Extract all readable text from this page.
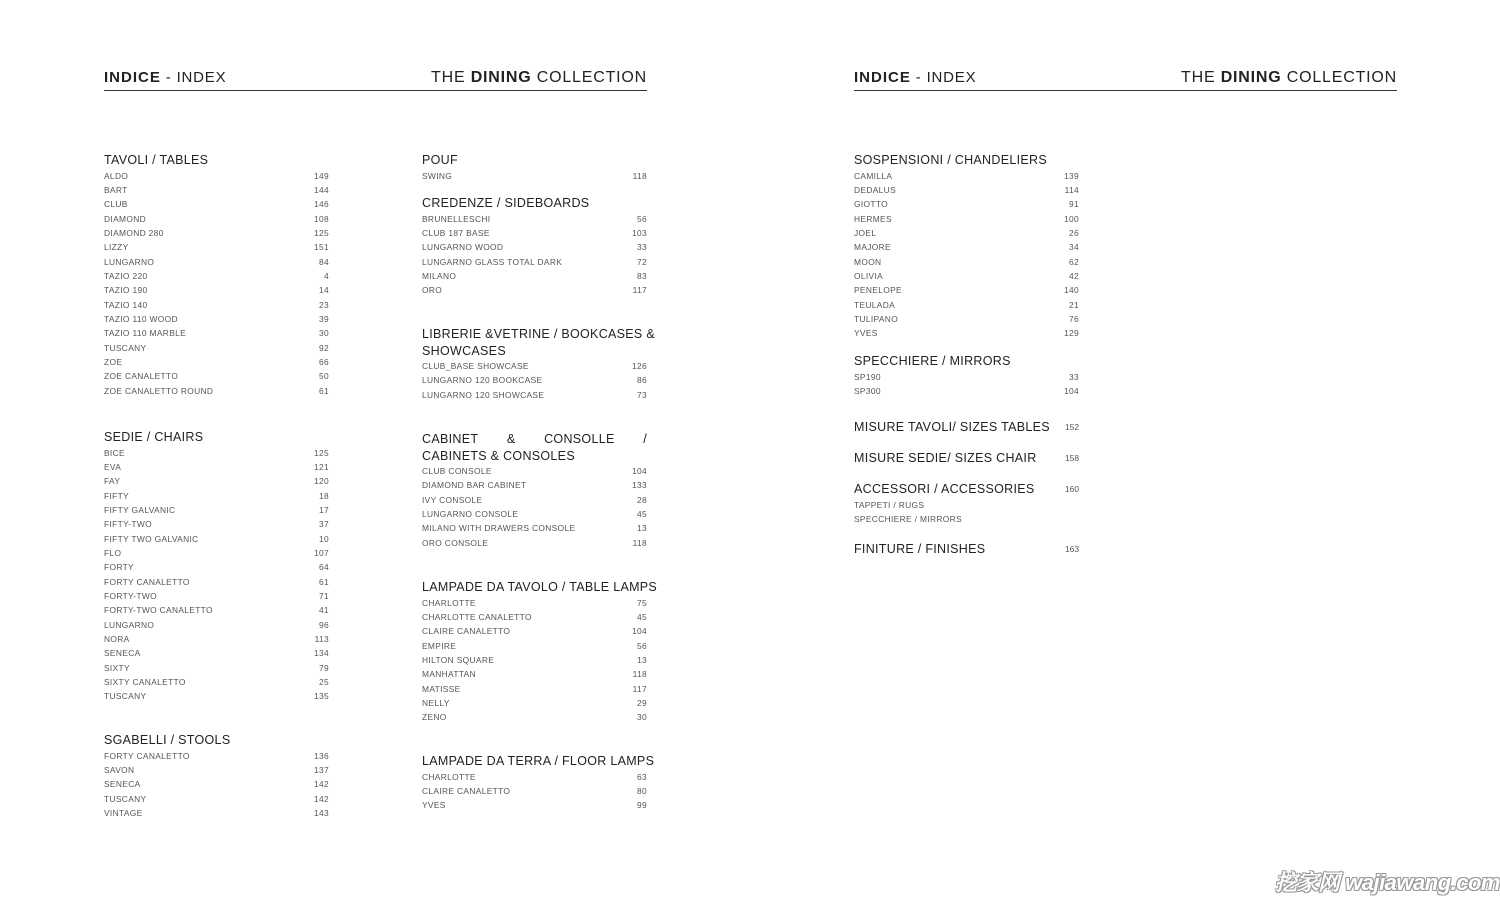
INDICE - INDEX	THE DINING COLLECTION	INDICE - INDEX	THE DINING COLLECTION
TAVOLI / TABLES
ALDO	149
BART	144
CLUB	146
DIAMOND	108
DIAMOND 280	125
LIZZY	151
LUNGARNO	84
TAZIO 220	4
TAZIO 190	14
TAZIO 140	23
TAZIO 110 WOOD	39
TAZIO 110 MARBLE	30
TUSCANY	92
ZOE	66
ZOE CANALETTO	50
ZOE CANALETTO ROUND	61
SEDIE / CHAIRS
BICE	125
EVA	121
FAY	120
FIFTY	18
FIFTY GALVANIC	17
FIFTY-TWO	37
FIFTY TWO GALVANIC	10
FLO	107
FORTY	64
FORTY CANALETTO	61
FORTY-TWO	71
FORTY-TWO CANALETTO	41
LUNGARNO	96
NORA	113
SENECA	134
SIXTY	79
SIXTY CANALETTO	25
TUSCANY	135
SGABELLI / STOOLS
FORTY CANALETTO	136
SAVON	137
SENECA	142
TUSCANY	142
VINTAGE	143
POUF
SWING	118
CREDENZE / SIDEBOARDS
BRUNELLESCHI	56
CLUB 187 BASE	103
LUNGARNO WOOD	33
LUNGARNO GLASS TOTAL DARK	72
MILANO	83
ORO	117
LIBRERIE &VETRINE / BOOKCASES &
SHOWCASES
CLUB_BASE SHOWCASE	126
LUNGARNO 120 BOOKCASE	86
LUNGARNO 120 SHOWCASE	73
CABINET & CONSOLLE /
CABINETS & CONSOLES
CLUB CONSOLE	104
DIAMOND BAR CABINET	133
IVY CONSOLE	28
LUNGARNO CONSOLE	45
MILANO WITH DRAWERS CONSOLE	13
ORO CONSOLE	118
LAMPADE DA TAVOLO / TABLE LAMPS
CHARLOTTE	75
CHARLOTTE CANALETTO	45
CLAIRE CANALETTO	104
EMPIRE	56
HILTON SQUARE	13
MANHATTAN	118
MATISSE	117
NELLY	29
ZENO	30
LAMPADE DA TERRA / FLOOR LAMPS
CHARLOTTE	63
CLAIRE CANALETTO	80
YVES	99
SOSPENSIONI / CHANDELIERS
CAMILLA	139
DEDALUS	114
GIOTTO	91
HERMES	100
JOEL	26
MAJORE	34
MOON	62
OLIVIA	42
PENELOPE	140
TEULADA	21
TULIPANO	76
YVES	129
SPECCHIERE / MIRRORS
SP190	33
SP300	104
MISURE TAVOLI/ SIZES TABLES 152
MISURE SEDIE/ SIZES CHAIR	158
ACCESSORI / ACCESSORIES	160
TAPPETI / RUGS
SPECCHIERE / MIRRORS
FINITURE / FINISHES	163
挖家网 wajiawang.com
